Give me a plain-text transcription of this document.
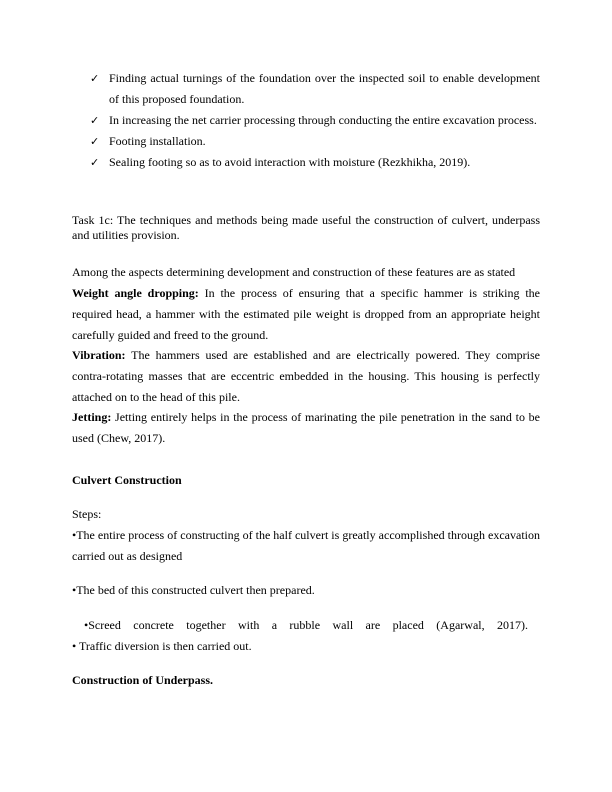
✓ Finding actual turnings of the foundation over the inspected soil to enable development of this proposed foundation.
✓ In increasing the net carrier processing through conducting the entire excavation process.
✓ Footing installation.
✓ Sealing footing so as to avoid interaction with moisture (Rezkhikha, 2019).
Task 1c: The techniques and methods being made useful the construction of culvert, underpass and utilities provision.
Among the aspects determining development and construction of these features are as stated
Weight angle dropping: In the process of ensuring that a specific hammer is striking the required head, a hammer with the estimated pile weight is dropped from an appropriate height carefully guided and freed to the ground.
Vibration: The hammers used are established and are electrically powered. They comprise contra-rotating masses that are eccentric embedded in the housing. This housing is perfectly attached on to the head of this pile.
Jetting: Jetting entirely helps in the process of marinating the pile penetration in the sand to be used (Chew, 2017).
Culvert Construction
Steps:
•The entire process of constructing of the half culvert is greatly accomplished through excavation carried out as designed
•The bed of this constructed culvert then prepared.
•Screed concrete together with a rubble wall are placed (Agarwal, 2017).
• Traffic diversion is then carried out.
Construction of Underpass.
